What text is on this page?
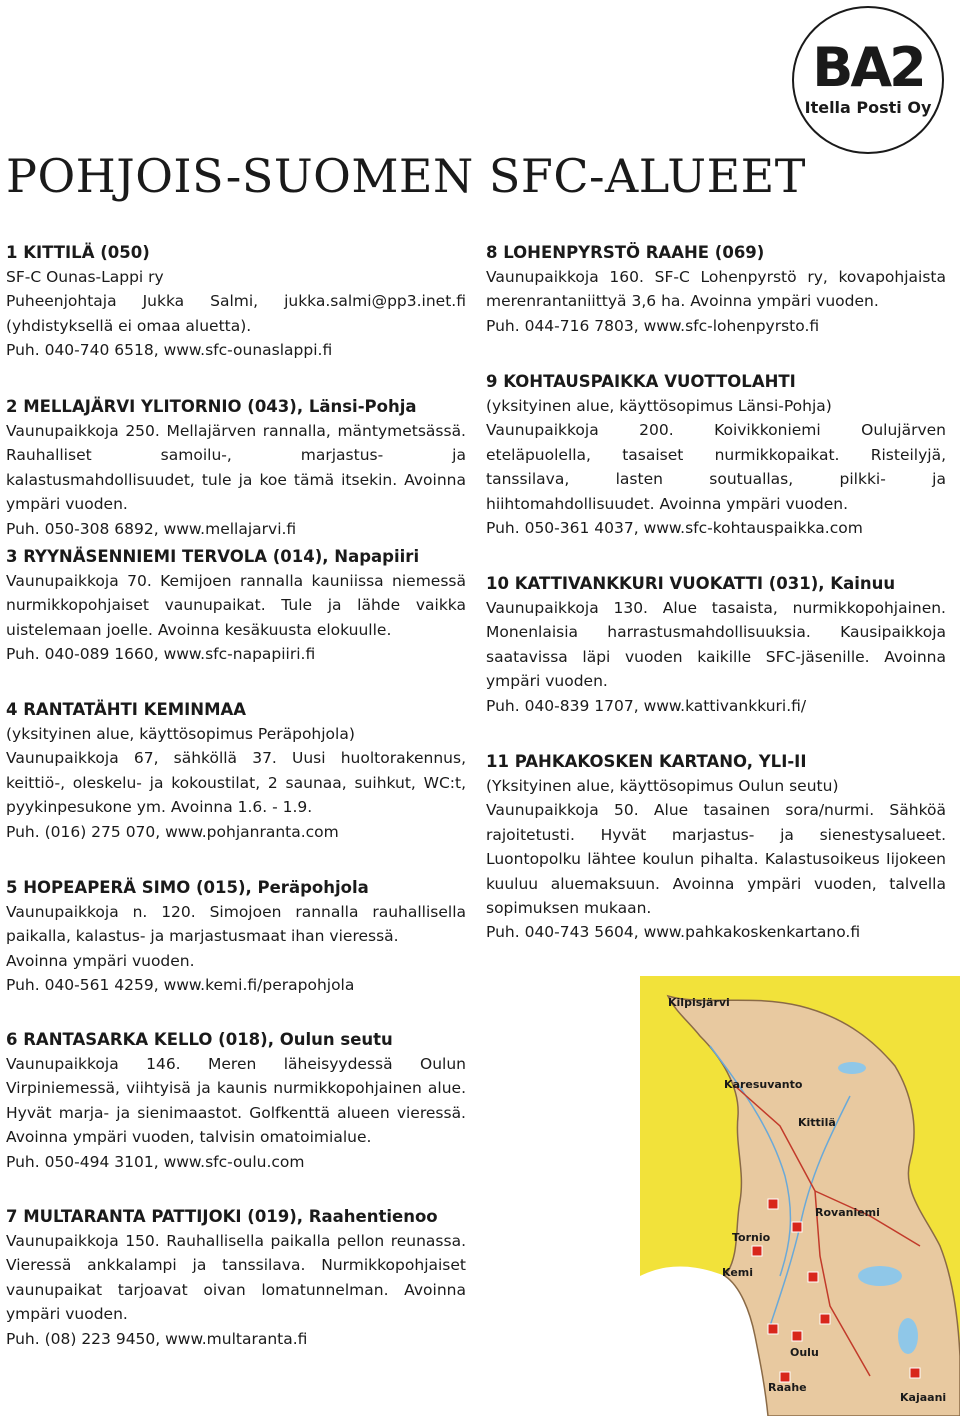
BA2
Itella Posti Oy
POHJOIS-SUOMEN SFC-ALUEET
1 KITTILÄ (050)

SF-C Ounas-Lappi ry
Puheenjohtaja Jukka Salmi, jukka.salmi@pp3.inet.fi (yhdistyksellä ei omaa aluetta).
Puh. 040-740 6518, www.sfc-ounaslappi.fi

2 MELLAJÄRVI YLITORNIO (043), Länsi-Pohja

Vaunupaikkoja 250. Mellajärven rannalla, mäntymetsässä. Rauhalliset samoilu-, marjastus- ja kalastusmahdollisuudet, tule ja koe tämä itsekin. Avoinna ympäri vuoden.
Puh. 050-308 6892, www.mellajarvi.fi

3 RYYNÄSENNIEMI TERVOLA (014), Napapiiri

Vaunupaikkoja 70. Kemijoen rannalla kauniissa niemessä nurmikkopohjaiset vaunupaikat. Tule ja lähde vaikka uistelemaan joelle. Avoinna kesäkuusta elokuulle.
Puh. 040-089 1660, www.sfc-napapiiri.fi

4 RANTATÄHTI KEMINMAA

(yksityinen alue, käyttösopimus Peräpohjola)
Vaunupaikkoja 67, sähköllä 37. Uusi huoltorakennus, keittiö-, oleskelu- ja kokoustilat, 2 saunaa, suihkut, WC:t, pyykinpesukone ym. Avoinna 1.6. - 1.9.
Puh. (016) 275 070, www.pohjanranta.com

5 HOPEAPERÄ SIMO (015), Peräpohjola

Vaunupaikkoja n. 120. Simojoen rannalla rauhallisella paikalla, kalastus- ja marjastusmaat ihan vieressä.
Avoinna ympäri vuoden.
Puh. 040-561 4259, www.kemi.fi/perapohjola

6 RANTASARKA KELLO (018), Oulun seutu

Vaunupaikkoja 146. Meren läheisyydessä Oulun Virpiniemessä, viihtyisä ja kaunis nurmikkopohjainen alue. Hyvät marja- ja sienimaastot. Golfkenttä alueen vieressä. Avoinna ympäri vuoden, talvisin omatoimialue.
Puh. 050-494 3101, www.sfc-oulu.com

7 MULTARANTA PATTIJOKI (019), Raahentienoo

Vaunupaikkoja 150. Rauhallisella paikalla pellon reunassa. Vieressä ankkalampi ja tanssilava. Nurmikkopohjaiset vaunupaikat tarjoavat oivan lomatunnelman. Avoinna ympäri vuoden.
Puh. (08) 223 9450, www.multaranta.fi

8 LOHENPYRSTÖ RAAHE (069)

Vaunupaikkoja 160. SF-C Lohenpyrstö ry, kovapohjaista merenrantaniittyä 3,6 ha. Avoinna ympäri vuoden.
Puh. 044-716 7803, www.sfc-lohenpyrsto.fi

9 KOHTAUSPAIKKA VUOTTOLAHTI

(yksityinen alue, käyttösopimus Länsi-Pohja)
Vaunupaikkoja 200. Koivikkoniemi Oulujärven eteläpuolella, tasaiset nurmikkopaikat. Risteilyjä, tanssilava, lasten soutuallas, pilkki- ja hiihtomahdollisuudet. Avoinna ympäri vuoden.
Puh. 050-361 4037, www.sfc-kohtauspaikka.com

10 KATTIVANKKURI VUOKATTI (031), Kainuu

Vaunupaikkoja 130. Alue tasaista, nurmikkopohjainen. Monenlaisia harrastusmahdollisuuksia. Kausipaikkoja saatavissa läpi vuoden kaikille SFC-jäsenille. Avoinna ympäri vuoden.
Puh. 040-839 1707, www.kattivankkuri.fi/

11 PAHKAKOSKEN KARTANO, YLI-II

(Yksityinen alue, käyttösopimus Oulun seutu)
Vaunupaikkoja 50. Alue tasainen sora/nurmi. Sähköä rajoitetusti. Hyvät marjastus- ja sienestysalueet. Luontopolku lähtee koulun pihalta. Kalastusoikeus Iijokeen kuuluu aluemaksuun. Avoinna ympäri vuoden, talvella sopimuksen mukaan.
Puh. 040-743 5604, www.pahkakoskenkartano.fi

Kilpisjärvi
Karesuvanto
Kittilä
Rovaniemi
Tornio
Kemi
Oulu
Raahe
Kajaani
